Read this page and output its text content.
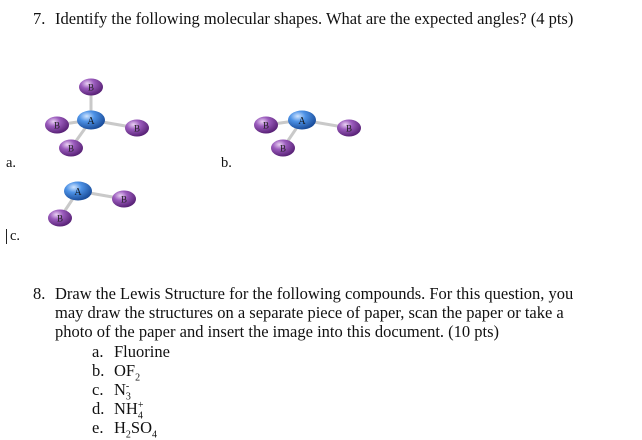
7. Identify the following molecular shapes. What are the expected angles? (4 pts)
B
B	A
B
B
B	A
B
B
A
B
B
a.	b.
c.
8. Draw the Lewis Structure for the following compounds. For this question, you may draw the structures on a separate piece of paper, scan the paper or take a photo of the paper and insert the image into this document. (10 pts)
a. Fluorine
b. $OF_2$
c. $N_3^-$
d. $NH_4^+$
e. $H_2SO_4$
